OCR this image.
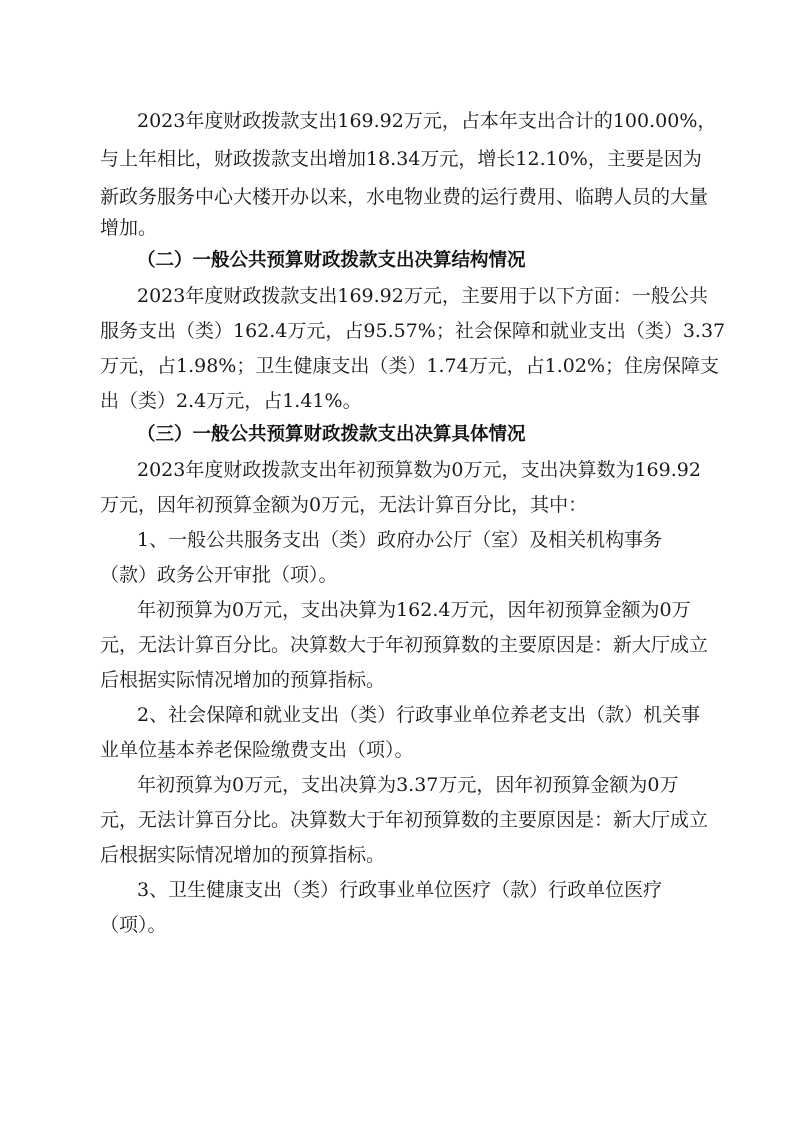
2023年度财政拨款支出169.92万元，占本年支出合计的100.00%，

与上年相比，财政拨款支出增加18.34万元，增长12.10%，主要是因为

新政务服务中心大楼开办以来，水电物业费的运行费用、临聘人员的大量

增加。

（二）一般公共预算财政拨款支出决算结构情况

2023年度财政拨款支出169.92万元，主要用于以下方面：一般公共

服务支出（类）162.4万元，占95.57%；社会保障和就业支出（类）3.37

万元，占1.98%；卫生健康支出（类）1.74万元，占1.02%；住房保障支

出（类）2.4万元，占1.41%。

（三）一般公共预算财政拨款支出决算具体情况

2023年度财政拨款支出年初预算数为0万元，支出决算数为169.92

万元，因年初预算金额为0万元，无法计算百分比，其中：

1、一般公共服务支出（类）政府办公厅（室）及相关机构事务

（款）政务公开审批（项）。

年初预算为0万元，支出决算为162.4万元，因年初预算金额为0万

元，无法计算百分比。决算数大于年初预算数的主要原因是：新大厅成立

后根据实际情况增加的预算指标。

2、社会保障和就业支出（类）行政事业单位养老支出（款）机关事

业单位基本养老保险缴费支出（项）。

年初预算为0万元，支出决算为3.37万元，因年初预算金额为0万

元，无法计算百分比。决算数大于年初预算数的主要原因是：新大厅成立

后根据实际情况增加的预算指标。

3、卫生健康支出（类）行政事业单位医疗（款）行政单位医疗

（项）。
